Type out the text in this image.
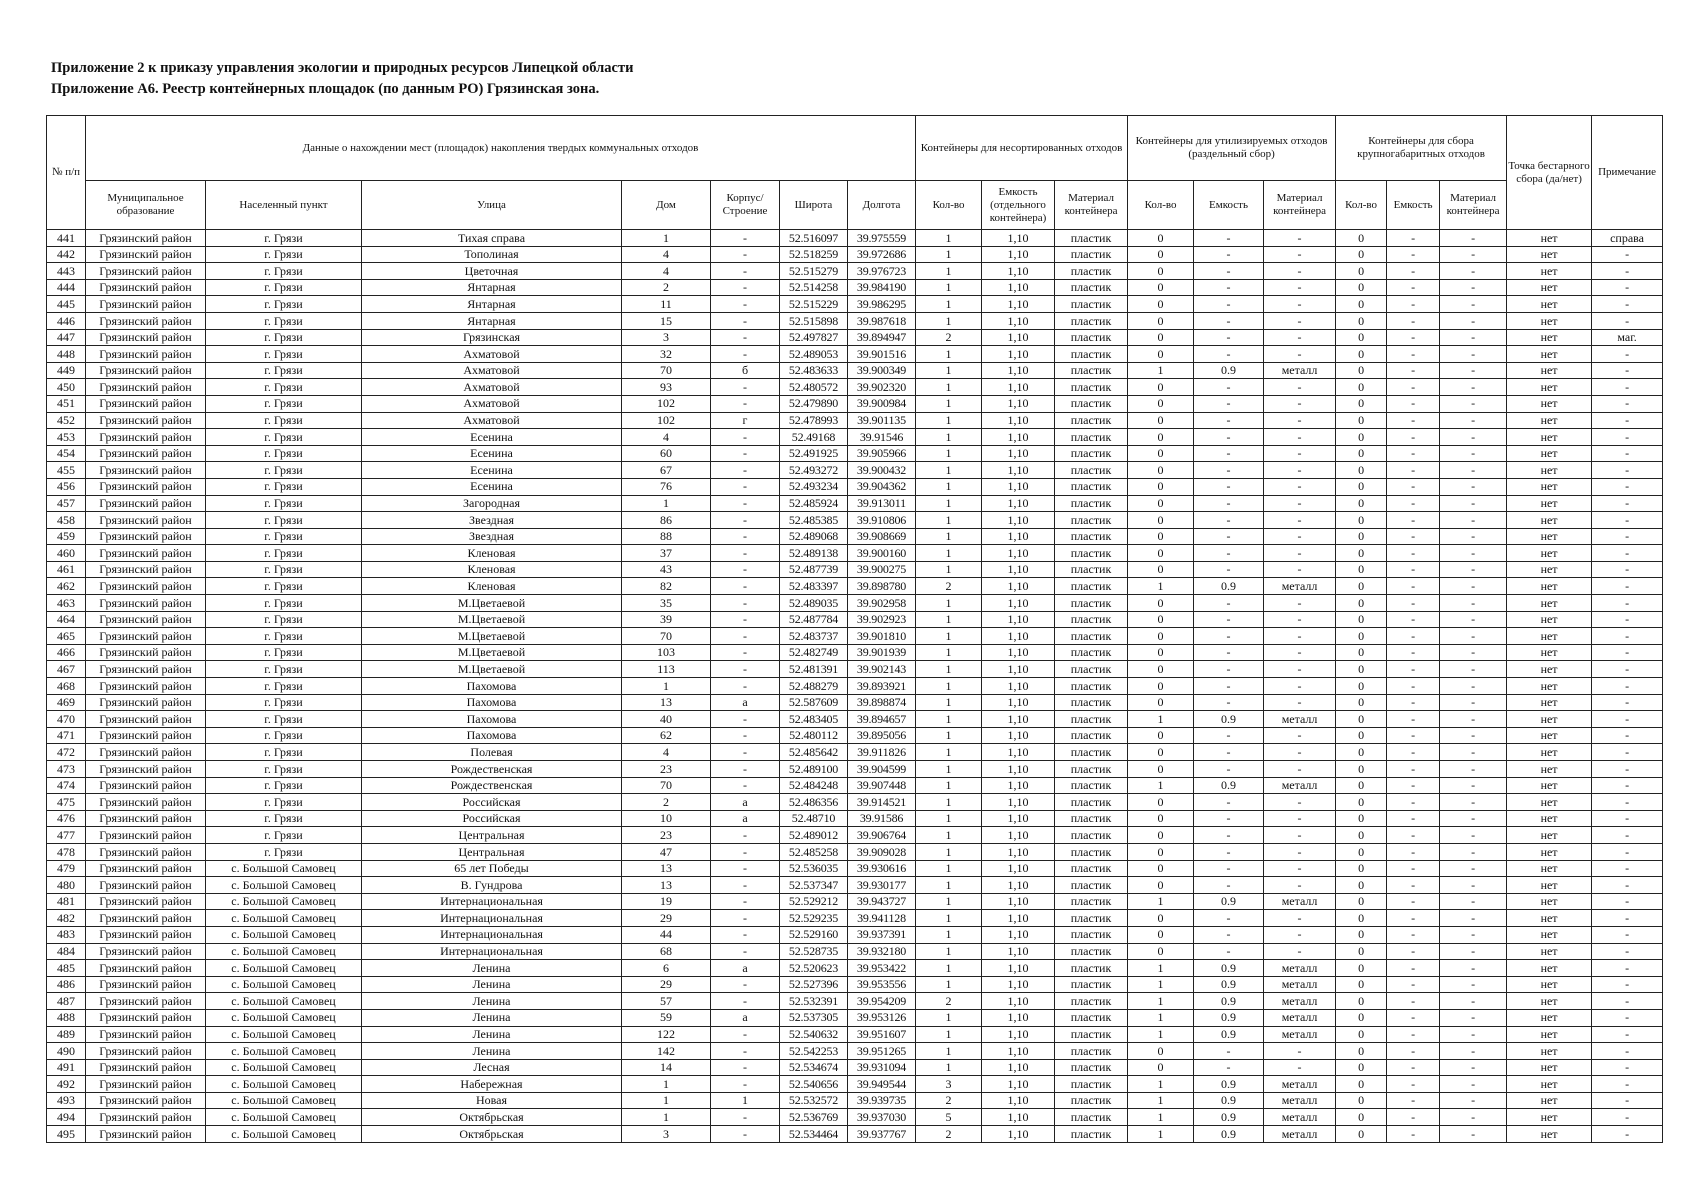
Приложение 2 к приказу управления экологии и природных ресурсов Липецкой области
Приложение А6. Реестр контейнерных площадок (по данным РО) Грязинская зона.
№ п/п	Данные о нахождении мест (площадок) накопления твердых коммунальных отходов							Контейнеры для несортированных отходов			Контейнеры для утилизируемых отходов (раздельный сбор)			Контейнеры для сбора крупногабаритных отходов			Точка бестарного сбора (да/нет)	Примечание
	Муниципальное образование	Населенный пункт	Улица	Дом	Корпус/ Строение	Широта	Долгота	Кол-во	Емкость (отдельного контейнера)	Материал контейнера	Кол-во	Емкость	Материал контейнера	Кол-во	Емкость	Материал контейнера		
441	Грязинский район	г. Грязи	Тихая справа	1	-	52.516097	39.975559	1	1,10	пластик	0	-	-	0	-	-	нет	справа
442	Грязинский район	г. Грязи	Тополиная	4	-	52.518259	39.972686	1	1,10	пластик	0	-	-	0	-	-	нет	-
443	Грязинский район	г. Грязи	Цветочная	4	-	52.515279	39.976723	1	1,10	пластик	0	-	-	0	-	-	нет	-
444	Грязинский район	г. Грязи	Янтарная	2	-	52.514258	39.984190	1	1,10	пластик	0	-	-	0	-	-	нет	-
445	Грязинский район	г. Грязи	Янтарная	11	-	52.515229	39.986295	1	1,10	пластик	0	-	-	0	-	-	нет	-
446	Грязинский район	г. Грязи	Янтарная	15	-	52.515898	39.987618	1	1,10	пластик	0	-	-	0	-	-	нет	-
447	Грязинский район	г. Грязи	Грязинская	3	-	52.497827	39.894947	2	1,10	пластик	0	-	-	0	-	-	нет	маг.
448	Грязинский район	г. Грязи	Ахматовой	32	-	52.489053	39.901516	1	1,10	пластик	0	-	-	0	-	-	нет	-
449	Грязинский район	г. Грязи	Ахматовой	70	б	52.483633	39.900349	1	1,10	пластик	1	0.9	металл	0	-	-	нет	-
450	Грязинский район	г. Грязи	Ахматовой	93	-	52.480572	39.902320	1	1,10	пластик	0	-	-	0	-	-	нет	-
451	Грязинский район	г. Грязи	Ахматовой	102	-	52.479890	39.900984	1	1,10	пластик	0	-	-	0	-	-	нет	-
452	Грязинский район	г. Грязи	Ахматовой	102	г	52.478993	39.901135	1	1,10	пластик	0	-	-	0	-	-	нет	-
453	Грязинский район	г. Грязи	Есенина	4	-	52.49168	39.91546	1	1,10	пластик	0	-	-	0	-	-	нет	-
454	Грязинский район	г. Грязи	Есенина	60	-	52.491925	39.905966	1	1,10	пластик	0	-	-	0	-	-	нет	-
455	Грязинский район	г. Грязи	Есенина	67	-	52.493272	39.900432	1	1,10	пластик	0	-	-	0	-	-	нет	-
456	Грязинский район	г. Грязи	Есенина	76	-	52.493234	39.904362	1	1,10	пластик	0	-	-	0	-	-	нет	-
457	Грязинский район	г. Грязи	Загородная	1	-	52.485924	39.913011	1	1,10	пластик	0	-	-	0	-	-	нет	-
458	Грязинский район	г. Грязи	Звездная	86	-	52.485385	39.910806	1	1,10	пластик	0	-	-	0	-	-	нет	-
459	Грязинский район	г. Грязи	Звездная	88	-	52.489068	39.908669	1	1,10	пластик	0	-	-	0	-	-	нет	-
460	Грязинский район	г. Грязи	Кленовая	37	-	52.489138	39.900160	1	1,10	пластик	0	-	-	0	-	-	нет	-
461	Грязинский район	г. Грязи	Кленовая	43	-	52.487739	39.900275	1	1,10	пластик	0	-	-	0	-	-	нет	-
462	Грязинский район	г. Грязи	Кленовая	82	-	52.483397	39.898780	2	1,10	пластик	1	0.9	металл	0	-	-	нет	-
463	Грязинский район	г. Грязи	М.Цветаевой	35	-	52.489035	39.902958	1	1,10	пластик	0	-	-	0	-	-	нет	-
464	Грязинский район	г. Грязи	М.Цветаевой	39	-	52.487784	39.902923	1	1,10	пластик	0	-	-	0	-	-	нет	-
465	Грязинский район	г. Грязи	М.Цветаевой	70	-	52.483737	39.901810	1	1,10	пластик	0	-	-	0	-	-	нет	-
466	Грязинский район	г. Грязи	М.Цветаевой	103	-	52.482749	39.901939	1	1,10	пластик	0	-	-	0	-	-	нет	-
467	Грязинский район	г. Грязи	М.Цветаевой	113	-	52.481391	39.902143	1	1,10	пластик	0	-	-	0	-	-	нет	-
468	Грязинский район	г. Грязи	Пахомова	1	-	52.488279	39.893921	1	1,10	пластик	0	-	-	0	-	-	нет	-
469	Грязинский район	г. Грязи	Пахомова	13	а	52.587609	39.898874	1	1,10	пластик	0	-	-	0	-	-	нет	-
470	Грязинский район	г. Грязи	Пахомова	40	-	52.483405	39.894657	1	1,10	пластик	1	0.9	металл	0	-	-	нет	-
471	Грязинский район	г. Грязи	Пахомова	62	-	52.480112	39.895056	1	1,10	пластик	0	-	-	0	-	-	нет	-
472	Грязинский район	г. Грязи	Полевая	4	-	52.485642	39.911826	1	1,10	пластик	0	-	-	0	-	-	нет	-
473	Грязинский район	г. Грязи	Рождественская	23	-	52.489100	39.904599	1	1,10	пластик	0	-	-	0	-	-	нет	-
474	Грязинский район	г. Грязи	Рождественская	70	-	52.484248	39.907448	1	1,10	пластик	1	0.9	металл	0	-	-	нет	-
475	Грязинский район	г. Грязи	Российская	2	а	52.486356	39.914521	1	1,10	пластик	0	-	-	0	-	-	нет	-
476	Грязинский район	г. Грязи	Российская	10	а	52.48710	39.91586	1	1,10	пластик	0	-	-	0	-	-	нет	-
477	Грязинский район	г. Грязи	Центральная	23	-	52.489012	39.906764	1	1,10	пластик	0	-	-	0	-	-	нет	-
478	Грязинский район	г. Грязи	Центральная	47	-	52.485258	39.909028	1	1,10	пластик	0	-	-	0	-	-	нет	-
479	Грязинский район	с. Большой Самовец	65 лет Победы	13	-	52.536035	39.930616	1	1,10	пластик	0	-	-	0	-	-	нет	-
480	Грязинский район	с. Большой Самовец	В. Гундрова	13	-	52.537347	39.930177	1	1,10	пластик	0	-	-	0	-	-	нет	-
481	Грязинский район	с. Большой Самовец	Интернациональная	19	-	52.529212	39.943727	1	1,10	пластик	1	0.9	металл	0	-	-	нет	-
482	Грязинский район	с. Большой Самовец	Интернациональная	29	-	52.529235	39.941128	1	1,10	пластик	0	-	-	0	-	-	нет	-
483	Грязинский район	с. Большой Самовец	Интернациональная	44	-	52.529160	39.937391	1	1,10	пластик	0	-	-	0	-	-	нет	-
484	Грязинский район	с. Большой Самовец	Интернациональная	68	-	52.528735	39.932180	1	1,10	пластик	0	-	-	0	-	-	нет	-
485	Грязинский район	с. Большой Самовец	Ленина	6	а	52.520623	39.953422	1	1,10	пластик	1	0.9	металл	0	-	-	нет	-
486	Грязинский район	с. Большой Самовец	Ленина	29	-	52.527396	39.953556	1	1,10	пластик	1	0.9	металл	0	-	-	нет	-
487	Грязинский район	с. Большой Самовец	Ленина	57	-	52.532391	39.954209	2	1,10	пластик	1	0.9	металл	0	-	-	нет	-
488	Грязинский район	с. Большой Самовец	Ленина	59	а	52.537305	39.953126	1	1,10	пластик	1	0.9	металл	0	-	-	нет	-
489	Грязинский район	с. Большой Самовец	Ленина	122	-	52.540632	39.951607	1	1,10	пластик	1	0.9	металл	0	-	-	нет	-
490	Грязинский район	с. Большой Самовец	Ленина	142	-	52.542253	39.951265	1	1,10	пластик	0	-	-	0	-	-	нет	-
491	Грязинский район	с. Большой Самовец	Лесная	14	-	52.534674	39.931094	1	1,10	пластик	0	-	-	0	-	-	нет	-
492	Грязинский район	с. Большой Самовец	Набережная	1	-	52.540656	39.949544	3	1,10	пластик	1	0.9	металл	0	-	-	нет	-
493	Грязинский район	с. Большой Самовец	Новая	1	1	52.532572	39.939735	2	1,10	пластик	1	0.9	металл	0	-	-	нет	-
494	Грязинский район	с. Большой Самовец	Октябрьская	1	-	52.536769	39.937030	5	1,10	пластик	1	0.9	металл	0	-	-	нет	-
495	Грязинский район	с. Большой Самовец	Октябрьская	3	-	52.534464	39.937767	2	1,10	пластик	1	0.9	металл	0	-	-	нет	-
